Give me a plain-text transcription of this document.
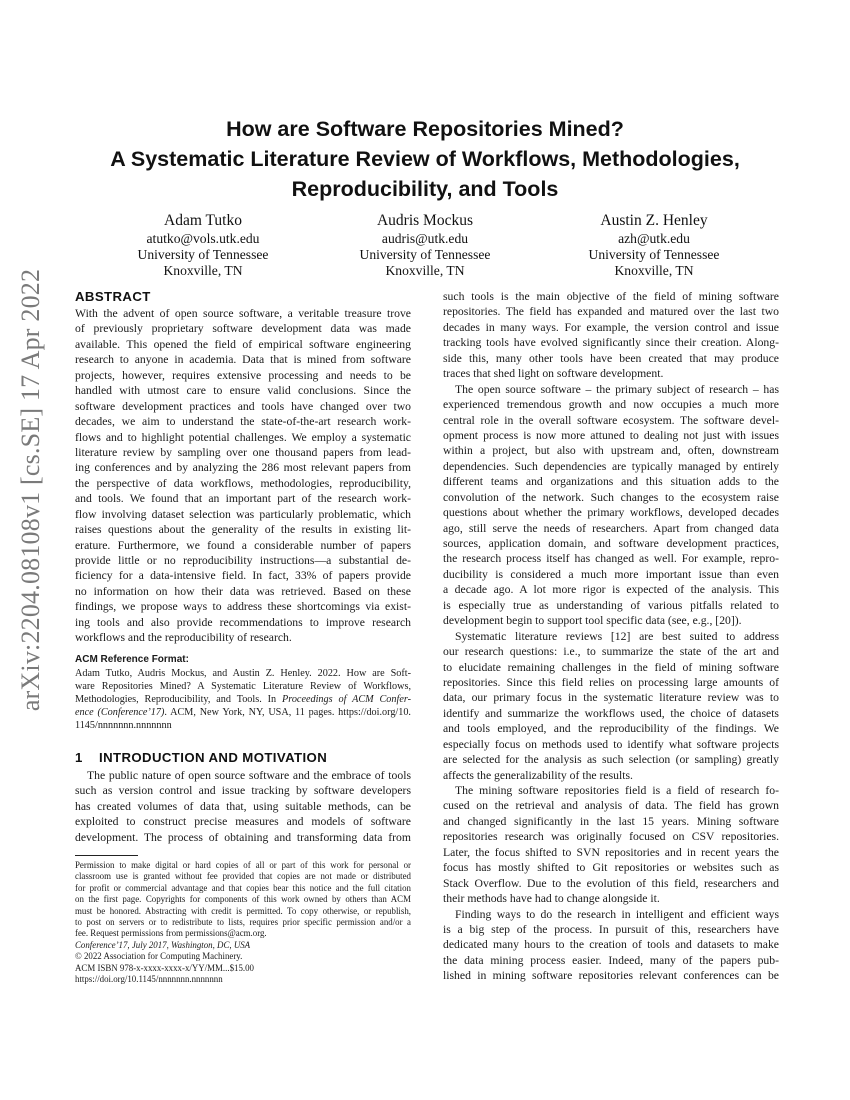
arXiv:2204.08108v1 [cs.SE] 17 Apr 2022
How are Software Repositories Mined?
A Systematic Literature Review of Workflows, Methodologies,
Reproducibility, and Tools
Adam Tutko
atutko@vols.utk.edu
University of Tennessee
Knoxville, TN
Audris Mockus
audris@utk.edu
University of Tennessee
Knoxville, TN
Austin Z. Henley
azh@utk.edu
University of Tennessee
Knoxville, TN
ABSTRACT
With the advent of open source software, a veritable treasure trove
of previously proprietary software development data was made
available. This opened the field of empirical software engineering
research to anyone in academia. Data that is mined from software
projects, however, requires extensive processing and needs to be
handled with utmost care to ensure valid conclusions. Since the
software development practices and tools have changed over two
decades, we aim to understand the state-of-the-art research work-
flows and to highlight potential challenges. We employ a systematic
literature review by sampling over one thousand papers from lead-
ing conferences and by analyzing the 286 most relevant papers from
the perspective of data workflows, methodologies, reproducibility,
and tools. We found that an important part of the research work-
flow involving dataset selection was particularly problematic, which
raises questions about the generality of the results in existing lit-
erature. Furthermore, we found a considerable number of papers
provide little or no reproducibility instructions—a substantial de-
ficiency for a data-intensive field. In fact, 33% of papers provide
no information on how their data was retrieved. Based on these
findings, we propose ways to address these shortcomings via exist-
ing tools and also provide recommendations to improve research
workflows and the reproducibility of research.
ACM Reference Format:
Adam Tutko, Audris Mockus, and Austin Z. Henley. 2022. How are Soft-
ware Repositories Mined? A Systematic Literature Review of Workflows,
Methodologies, Reproducibility, and Tools. In Proceedings of ACM Confer-
ence (Conference’17). ACM, New York, NY, USA, 11 pages. https://doi.org/10.
1145/nnnnnnn.nnnnnnn
1 INTRODUCTION AND MOTIVATION
The public nature of open source software and the embrace of tools
such as version control and issue tracking by software developers
has created volumes of data that, using suitable methods, can be
exploited to construct precise measures and models of software
development. The process of obtaining and transforming data from
Permission to make digital or hard copies of all or part of this work for personal or
classroom use is granted without fee provided that copies are not made or distributed
for profit or commercial advantage and that copies bear this notice and the full citation
on the first page. Copyrights for components of this work owned by others than ACM
must be honored. Abstracting with credit is permitted. To copy otherwise, or republish,
to post on servers or to redistribute to lists, requires prior specific permission and/or a
fee. Request permissions from permissions@acm.org.
Conference’17, July 2017, Washington, DC, USA
© 2022 Association for Computing Machinery.
ACM ISBN 978-x-xxxx-xxxx-x/YY/MM...$15.00
https://doi.org/10.1145/nnnnnnn.nnnnnnn
such tools is the main objective of the field of mining software
repositories. The field has expanded and matured over the last two
decades in many ways. For example, the version control and issue
tracking tools have evolved significantly since their creation. Along-
side this, many other tools have been created that may produce
traces that shed light on software development.
The open source software – the primary subject of research – has
experienced tremendous growth and now occupies a much more
central role in the overall software ecosystem. The software devel-
opment process is now more attuned to dealing not just with issues
within a project, but also with upstream and, often, downstream
dependencies. Such dependencies are typically managed by entirely
different teams and organizations and this situation adds to the
convolution of the network. Such changes to the ecosystem raise
questions about whether the primary workflows, developed decades
ago, still serve the needs of researchers. Apart from changed data
sources, application domain, and software development practices,
the research process itself has changed as well. For example, repro-
ducibility is considered a much more important issue than even
a decade ago. A lot more rigor is expected of the analysis. This
is especially true as understanding of various pitfalls related to
development begin to support tool specific data (see, e.g., [20]).
Systematic literature reviews [12] are best suited to address
our research questions: i.e., to summarize the state of the art and
to elucidate remaining challenges in the field of mining software
repositories. Since this field relies on processing large amounts of
data, our primary focus in the systematic literature review was to
identify and summarize the workflows used, the choice of datasets
and tools employed, and the reproducibility of the findings. We
especially focus on methods used to identify what software projects
are selected for the analysis as such selection (or sampling) greatly
affects the generalizability of the results.
The mining software repositories field is a field of research fo-
cused on the retrieval and analysis of data. The field has grown
and changed significantly in the last 15 years. Mining software
repositories research was originally focused on CSV repositories.
Later, the focus shifted to SVN repositories and in recent years the
focus has mostly shifted to Git repositories or websites such as
Stack Overflow. Due to the evolution of this field, researchers and
their methods have had to change alongside it.
Finding ways to do the research in intelligent and efficient ways
is a big step of the process. In pursuit of this, researchers have
dedicated many hours to the creation of tools and datasets to make
the data mining process easier. Indeed, many of the papers pub-
lished in mining software repositories relevant conferences can be
